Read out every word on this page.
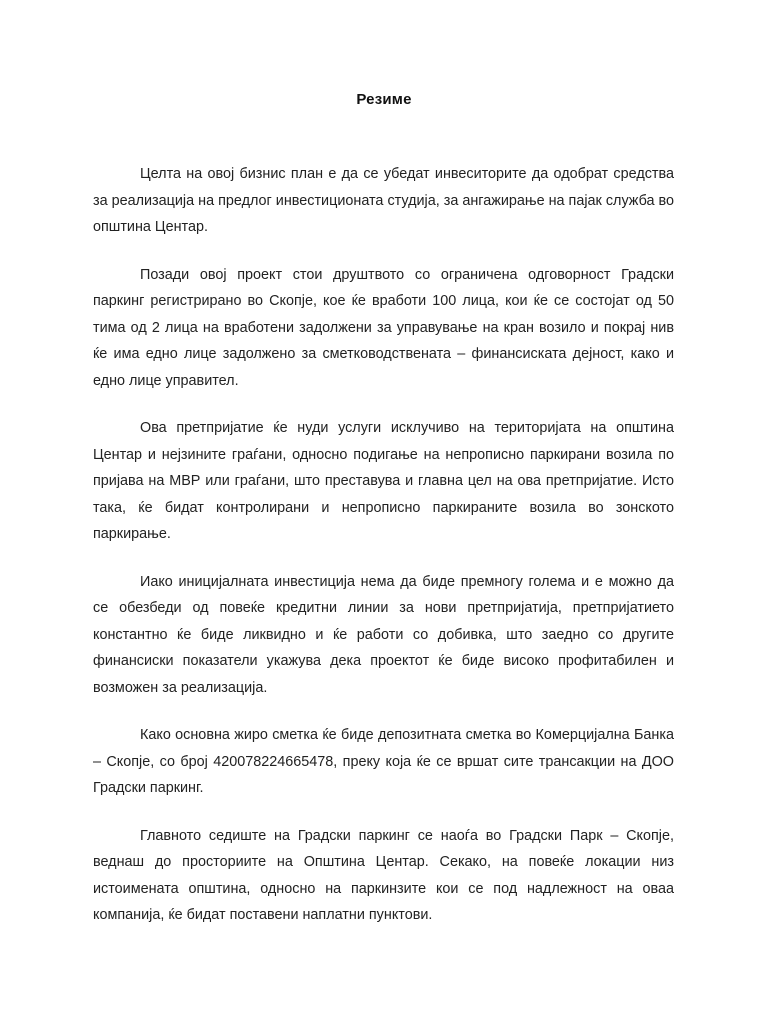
Резиме

Целта на овој бизнис план е да се убедат инвеситорите да одобрат средства за реализација на предлог инвестиционата студија, за ангажирање на пајак служба во општина Центар.

Позади овој проект стои друштвото со ограничена одговорност Градски паркинг регистрирано во Скопје, кое ќе вработи 100 лица, кои ќе се состојат од 50 тима од 2 лица на вработени задолжени за управување на кран возило и покрај нив ќе има едно лице задолжено за сметководствената – финансиската дејност, како и едно лице управител.

Ова претпријатие ќе нуди услуги исклучиво на територијата на општина Центар и нејзините граѓани, односно подигање на непрописно паркирани возила по пријава на МВР или граѓани, што преставува и главна цел на ова претпријатие. Исто така, ќе бидат контролирани и непрописно паркираните возила во зонското паркирање.

Иако иницијалната инвестиција нема да биде премногу голема и е можно да се обезбеди од повеќе кредитни линии за нови претпријатија, претпријатието константно ќе биде ликвидно и ќе работи со добивка, што заедно со другите финансиски показатели укажува дека проектот ќе биде високо профитабилен и возможен за реализација.

Како основна жиро сметка ќе биде депозитната сметка во Комерцијална Банка – Скопје, со број 420078224665478, преку која ќе се вршат сите трансакции на ДОО Градски паркинг.

Главното седиште на Градски паркинг се наоѓа во Градски Парк – Скопје, веднаш до просториите на Општина Центар. Секако, на повеќе локации низ истоимената општина, односно на паркинзите кои се под надлежност на оваа компанија, ќе бидат поставени наплатни пунктови.
